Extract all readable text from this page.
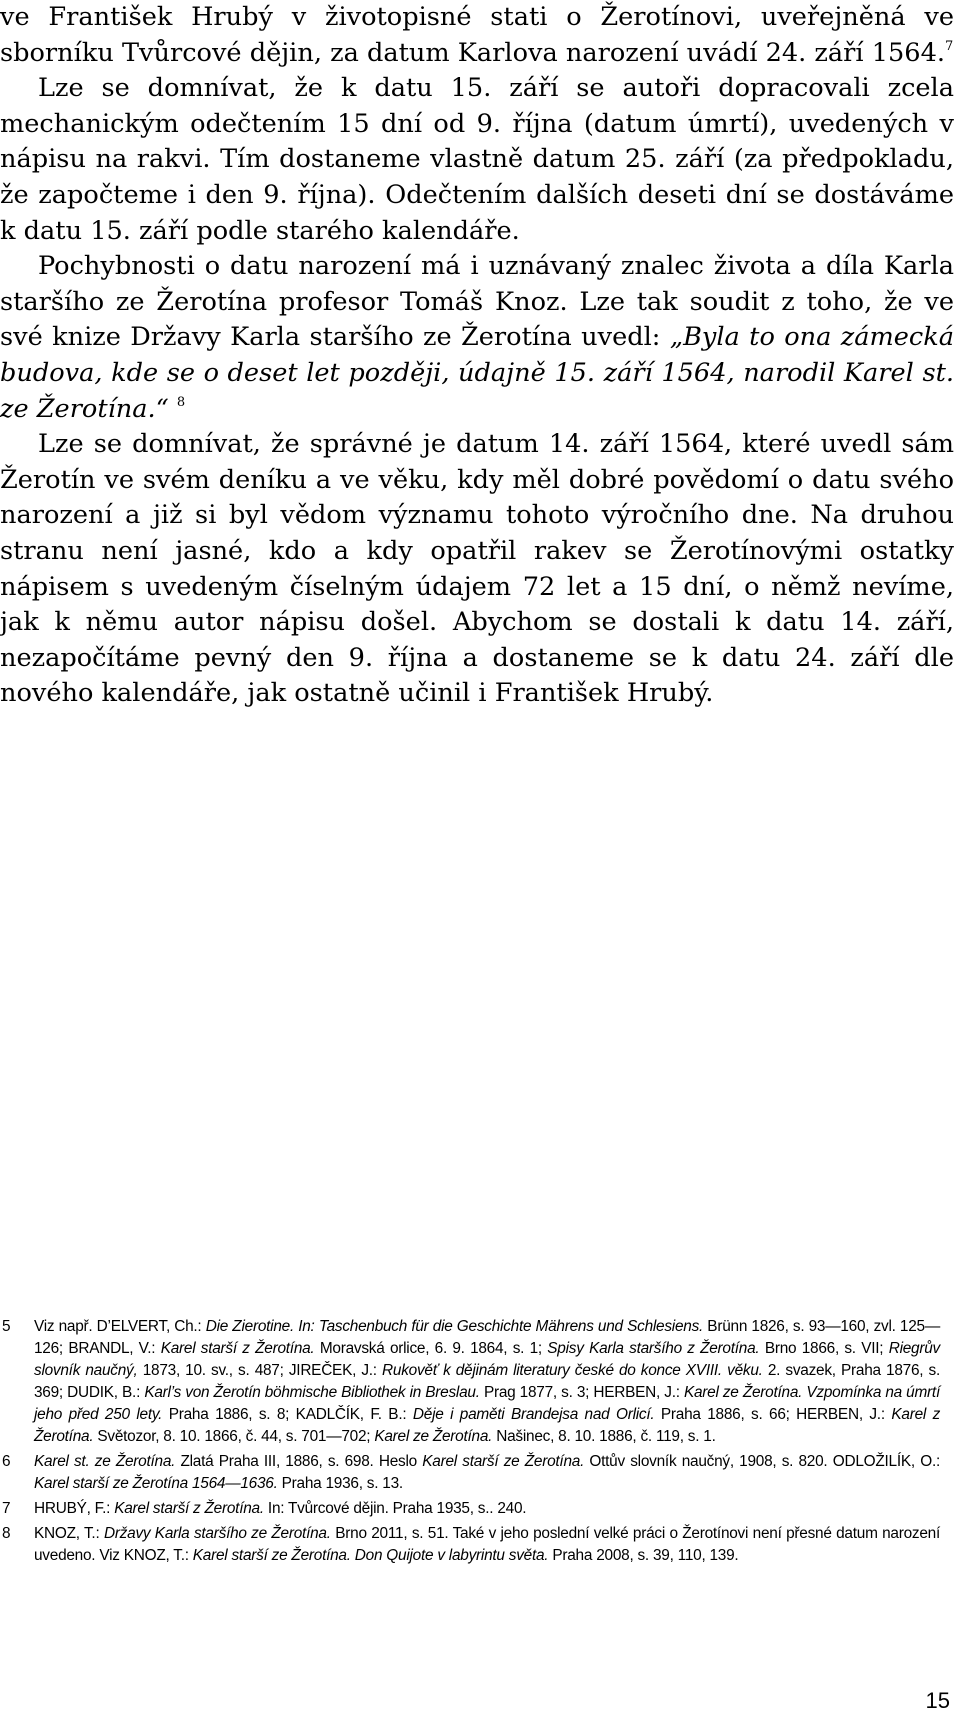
ve František Hrubý v životopisné stati o Žerotínovi, uveřejněná ve sborníku Tvůrcové dějin, za datum Karlova narození uvádí 24. září 1564.$^7$

Lze se domnívat, že k datu 15. září se autoři dopracovali zcela mechanickým odečtením 15 dní od 9. října (datum úmrtí), uvedených v nápisu na rakvi. Tím dostaneme vlastně datum 25. září (za předpokladu, že započteme i den 9. října). Odečtením dalších deseti dní se dostáváme k datu 15. září podle starého kalendáře.

Pochybnosti o datu narození má i uznávaný znalec života a díla Karla staršího ze Žerotína profesor Tomáš Knoz. Lze tak soudit z toho, že ve své knize Državy Karla staršího ze Žerotína uvedl: „Byla to ona zámecká budova, kde se o deset let později, údajně 15. září 1564, narodil Karel st. ze Žerotína.“ $^8$

Lze se domnívat, že správné je datum 14. září 1564, které uvedl sám Žerotín ve svém deníku a ve věku, kdy měl dobré povědomí o datu svého narození a již si byl vědom významu tohoto výročního dne. Na druhou stranu není jasné, kdo a kdy opatřil rakev se Žerotínovými ostatky nápisem s uvedeným číselným údajem 72 let a 15 dní, o němž nevíme, jak k němu autor nápisu došel. Abychom se dostali k datu 14. září, nezapočítáme pevný den 9. října a dostaneme se k datu 24. září dle nového kalendáře, jak ostatně učinil i František Hrubý.

5 Viz např. D’ELVERT, Ch.: Die Zierotine. In: Taschenbuch für die Geschichte Mährens und Schlesiens. Brünn 1826, s. 93—160, zvl. 125—126; BRANDL, V.: Karel starší z Žerotína. Moravská orlice, 6. 9. 1864, s. 1; Spisy Karla staršího z Žerotína. Brno 1866, s. VII; Riegrův slovník naučný, 1873, 10. sv., s. 487; JIREČEK, J.: Rukověť k dějinám literatury české do konce XVIII. věku. 2. svazek, Praha 1876, s. 369; DUDIK, B.: Karl’s von Žerotín böhmische Bibliothek in Breslau. Prag 1877, s. 3; HERBEN, J.: Karel ze Žerotína. Vzpomínka na úmrtí jeho před 250 lety. Praha 1886, s. 8; KADLČÍK, F. B.: Děje i paměti Brandejsa nad Orlicí. Praha 1886, s. 66; HERBEN, J.: Karel z Žerotína. Světozor, 8. 10. 1866, č. 44, s. 701—702; Karel ze Žerotína. Našinec, 8. 10. 1886, č. 119, s. 1.
6 Karel st. ze Žerotína. Zlatá Praha III, 1886, s. 698. Heslo Karel starší ze Žerotína. Ottův slovník naučný, 1908, s. 820. ODLOŽILÍK, O.: Karel starší ze Žerotína 1564—1636. Praha 1936, s. 13.
7 HRUBÝ, F.: Karel starší z Žerotína. In: Tvůrcové dějin. Praha 1935, s.. 240.
8 KNOZ, T.: Državy Karla staršího ze Žerotína. Brno 2011, s. 51. Také v jeho poslední velké práci o Žerotínovi není přesné datum narození uvedeno. Viz KNOZ, T.: Karel starší ze Žerotína. Don Quijote v labyrintu světa. Praha 2008, s. 39, 110, 139.
15
